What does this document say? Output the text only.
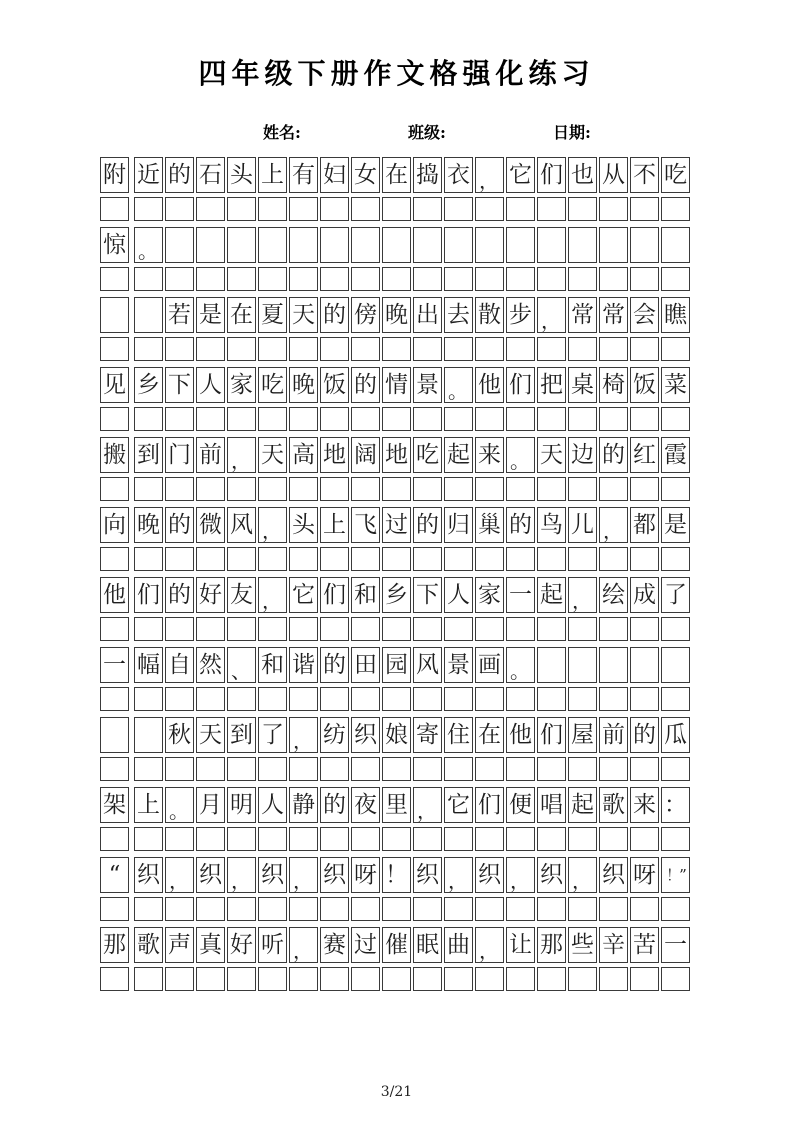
四年级下册作文格强化练习
姓名:	班级:	日期:
附 近 的 石 头 上 有 妇 女 在 捣 衣 ， 它 们 也 从 不 吃
惊 。
若 是 在 夏 天 的 傍 晚 出 去 散 步 ， 常 常 会 瞧
见 乡 下 人 家 吃 晚 饭 的 情 景 。 他 们 把 桌 椅 饭 菜
搬 到 门 前 ， 天 高 地 阔 地 吃 起 来 。 天 边 的 红 霞
向 晚 的 微 风 ， 头 上 飞 过 的 归 巢 的 鸟 儿 ， 都 是
他 们 的 好 友 ， 它 们 和 乡 下 人 家 一 起 ， 绘 成 了
一 幅 自 然 、 和 谐 的 田 园 风 景 画 。
秋 天 到 了 ， 纺 织 娘 寄 住 在 他 们 屋 前 的 瓜
架 上 。 月 明 人 静 的 夜 里 ， 它 们 便 唱 起 歌 来 ：
“ 织 ， 织 ， 织 ， 织 呀 ！ 织 ， 织 ， 织 ， 织 呀 ！”
那 歌 声 真 好 听 ， 赛 过 催 眠 曲 ， 让 那 些 辛 苦 一
3/21
